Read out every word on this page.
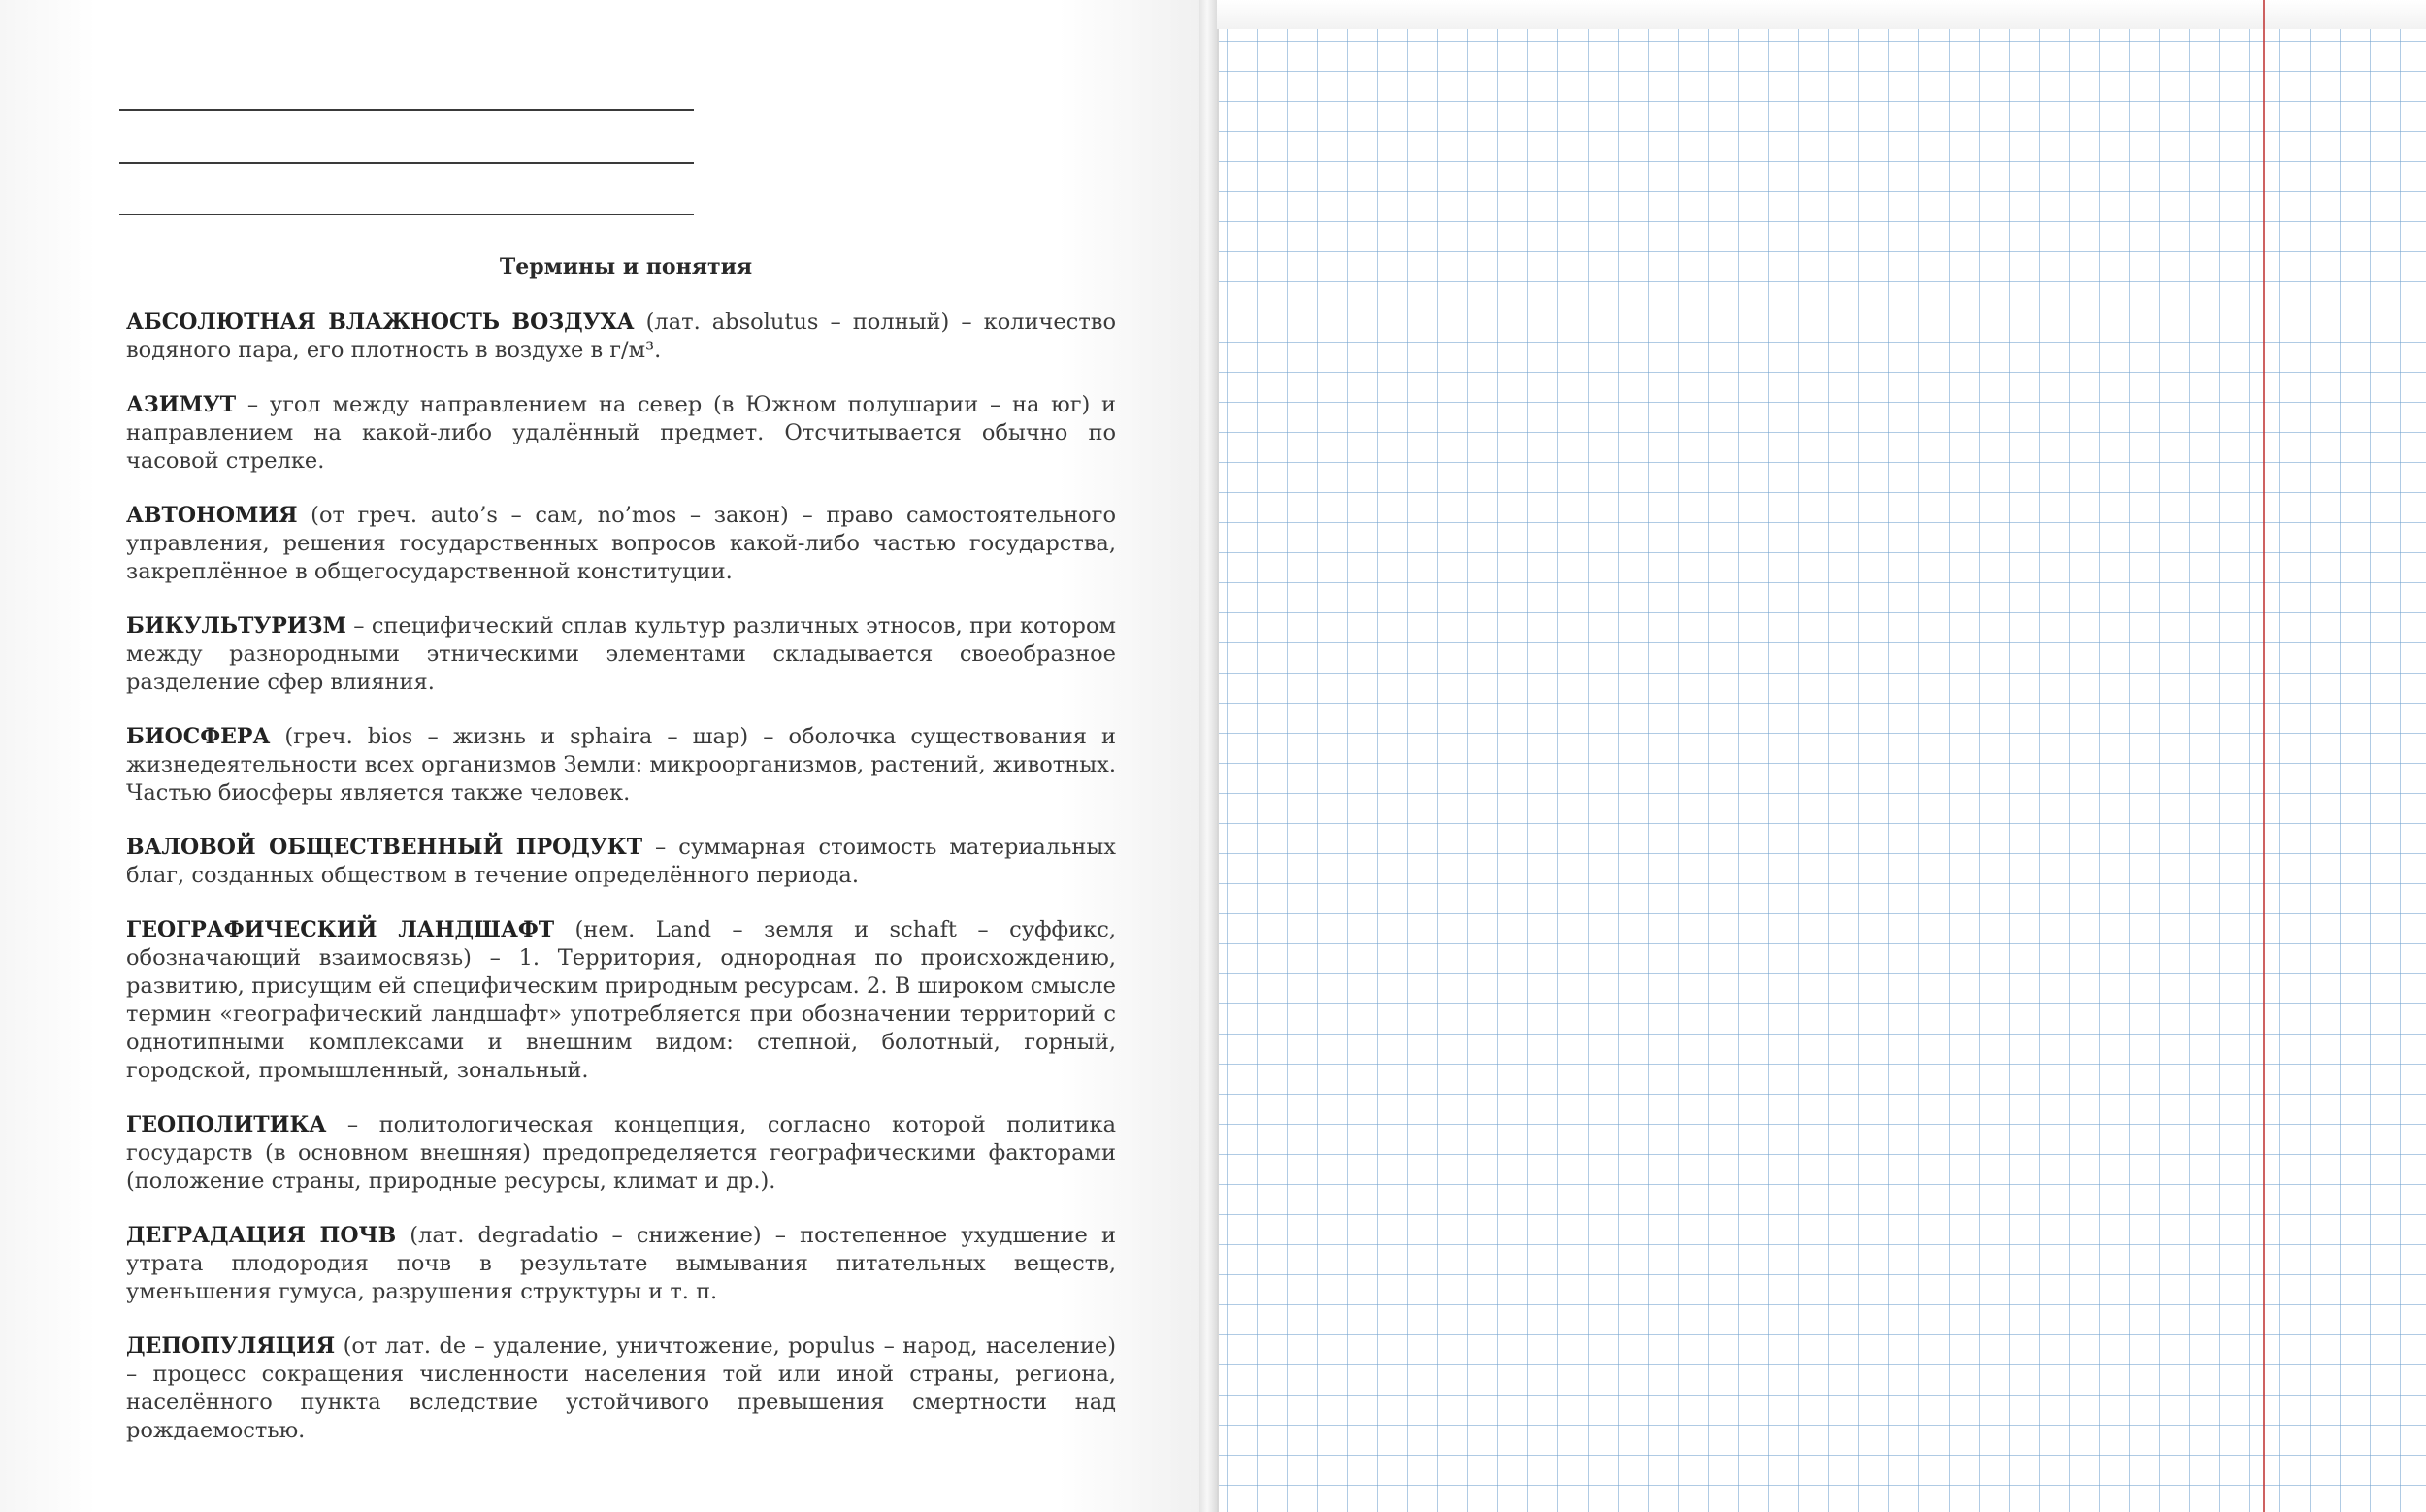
Термины и понятия

АБСОЛЮТНАЯ ВЛАЖНОСТЬ ВОЗДУХА (лат. absolutus – полный) – количество водяного пара, его плотность в воздухе в г/м³.

АЗИМУТ – угол между направлением на север (в Южном полушарии – на юг) и направлением на какой-либо удалённый предмет. Отсчитывается обычно по часовой стрелке.

АВТОНОМИЯ (от греч. auto’s – сам, no’mos – закон) – право самостоятельного управления, решения государственных вопросов какой-либо частью государства, закреплённое в общегосударственной конституции.

БИКУЛЬТУРИЗМ – специфический сплав культур различных этносов, при котором между разнородными этническими элементами складывается своеобразное разделение сфер влияния.

БИОСФЕРА (греч. bios – жизнь и sphaira – шар) – оболочка существования и жизнедеятельности всех организмов Земли: микроорганизмов, растений, животных. Частью биосферы является также человек.

ВАЛОВОЙ ОБЩЕСТВЕННЫЙ ПРОДУКТ – суммарная стоимость материальных благ, созданных обществом в течение определённого периода.

ГЕОГРАФИЧЕСКИЙ ЛАНДШАФТ (нем. Land – земля и schaft – суффикс, обозначающий взаимосвязь) – 1. Территория, однородная по происхождению, развитию, присущим ей специфическим природным ресурсам. 2. В широком смысле термин «географический ландшафт» употребляется при обозначении территорий с однотипными комплексами и внешним видом: степной, болотный, горный, городской, промышленный, зональный.

ГЕОПОЛИТИКА – политологическая концепция, согласно которой политика государств (в основном внешняя) предопределяется географическими факторами (положение страны, природные ресурсы, климат и др.).

ДЕГРАДАЦИЯ ПОЧВ (лат. degradatio – снижение) – постепенное ухудшение и утрата плодородия почв в результате вымывания питательных веществ, уменьшения гумуса, разрушения структуры и т. п.

ДЕПОПУЛЯЦИЯ (от лат. de – удаление, уничтожение, populus – народ, население) – процесс сокращения численности населения той или иной страны, региона, населённого пункта вследствие устойчивого превышения смертности над рождаемостью.
